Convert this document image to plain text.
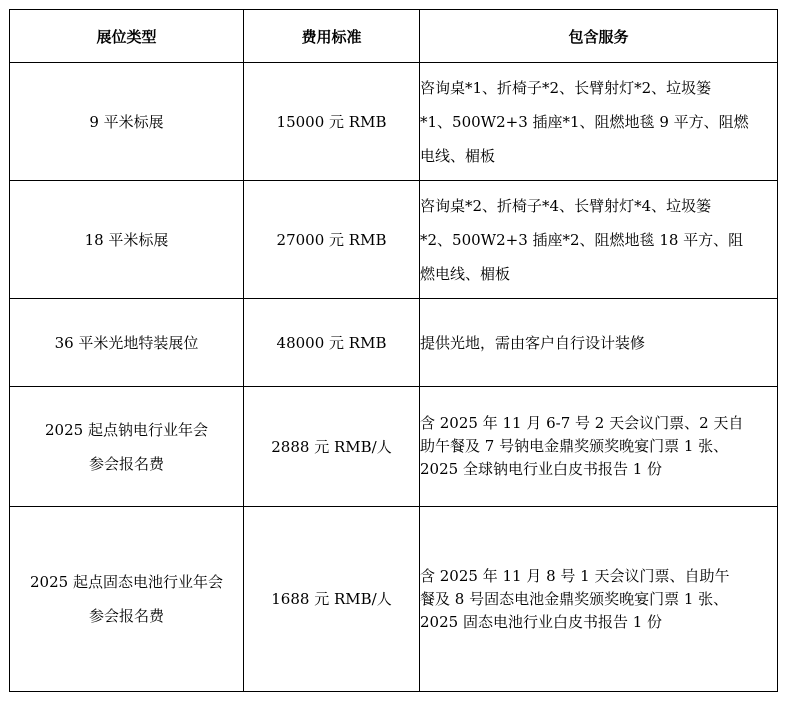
展位类型	费用标准	包含服务

9 平米标展	15000 元 RMB	咨询桌*1、折椅子*2、长臂射灯*2、垃圾篓
*1、500W2+3 插座*1、阻燃地毯 9 平方、阻燃
电线、楣板

18 平米标展	27000 元 RMB	咨询桌*2、折椅子*4、长臂射灯*4、垃圾篓
*2、500W2+3 插座*2、阻燃地毯 18 平方、阻
燃电线、楣板

36 平米光地特装展位	48000 元 RMB	提供光地，需由客户自行设计装修

2025 起点钠电行业年会
参会报名费	2888 元 RMB/人	含 2025 年 11 月 6-7 号 2 天会议门票、2 天自
助午餐及 7 号钠电金鼎奖颁奖晚宴门票 1 张、
2025 全球钠电行业白皮书报告 1 份

2025 起点固态电池行业年会
参会报名费	1688 元 RMB/人	含 2025 年 11 月 8 号 1 天会议门票、自助午
餐及 8 号固态电池金鼎奖颁奖晚宴门票 1 张、
2025 固态电池行业白皮书报告 1 份
